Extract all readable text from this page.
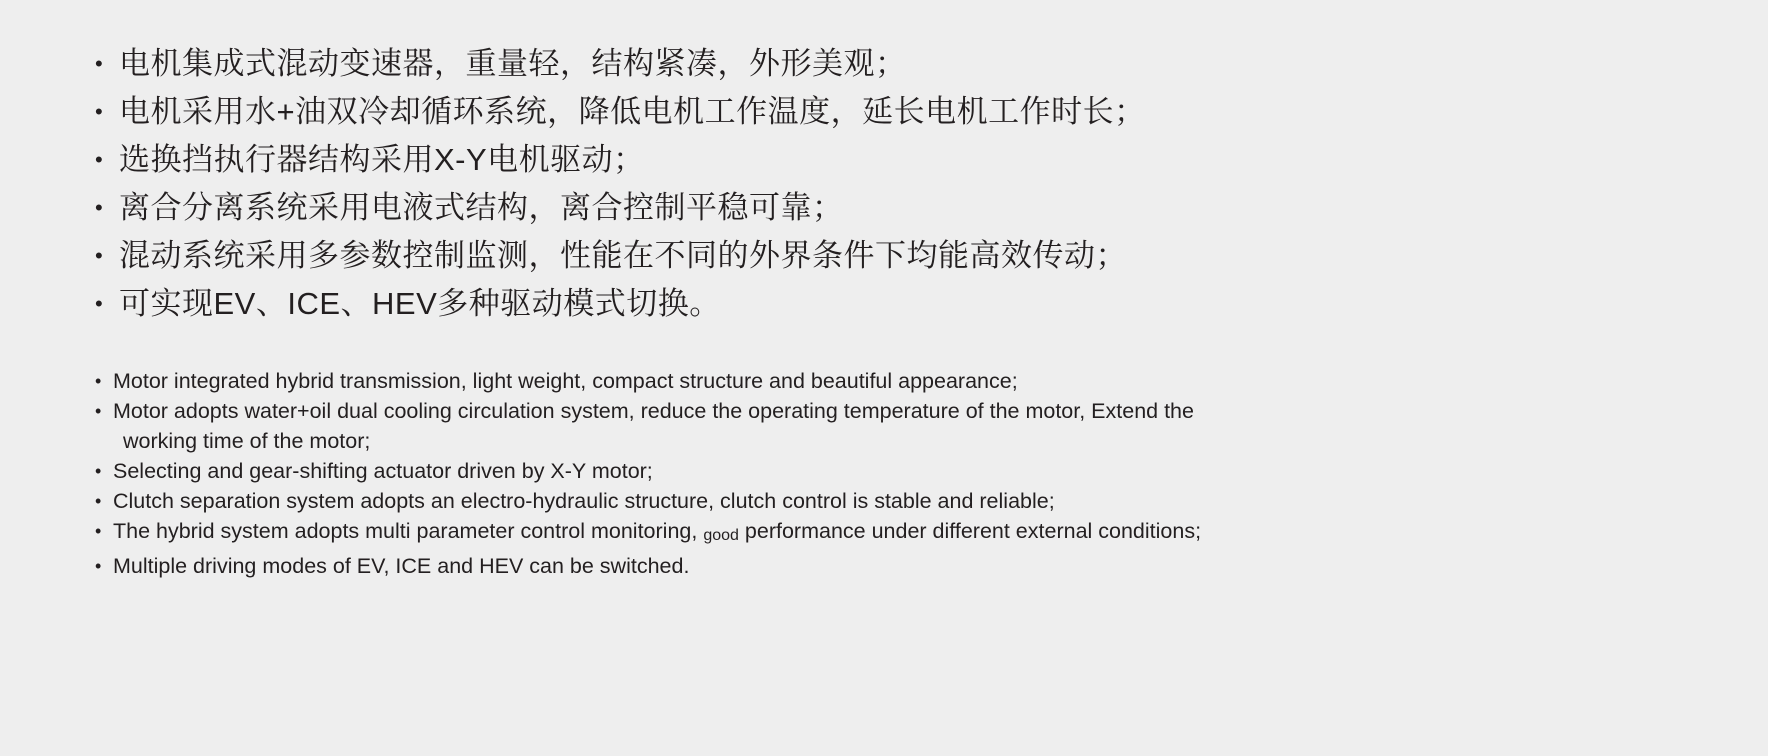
• 电机集成式混动变速器，重量轻，结构紧凑，外形美观；
• 电机采用水+油双冷却循环系统，降低电机工作温度，延长电机工作时长；
• 选换挡执行器结构采用X-Y电机驱动；
• 离合分离系统采用电液式结构，离合控制平稳可靠；
• 混动系统采用多参数控制监测，性能在不同的外界条件下均能高效传动；
• 可实现EV、ICE、HEV多种驱动模式切换。
• Motor integrated hybrid transmission, light weight, compact structure and beautiful appearance;
• Motor adopts water+oil dual cooling circulation system, reduce the operating temperature of the motor, Extend the
working time of the motor;
• Selecting and gear-shifting actuator driven by X-Y motor;
• Clutch separation system adopts an electro-hydraulic structure, clutch control is stable and reliable;
• The hybrid system adopts multi parameter control monitoring, good performance under different external conditions;
• Multiple driving modes of EV, ICE and HEV can be switched.
